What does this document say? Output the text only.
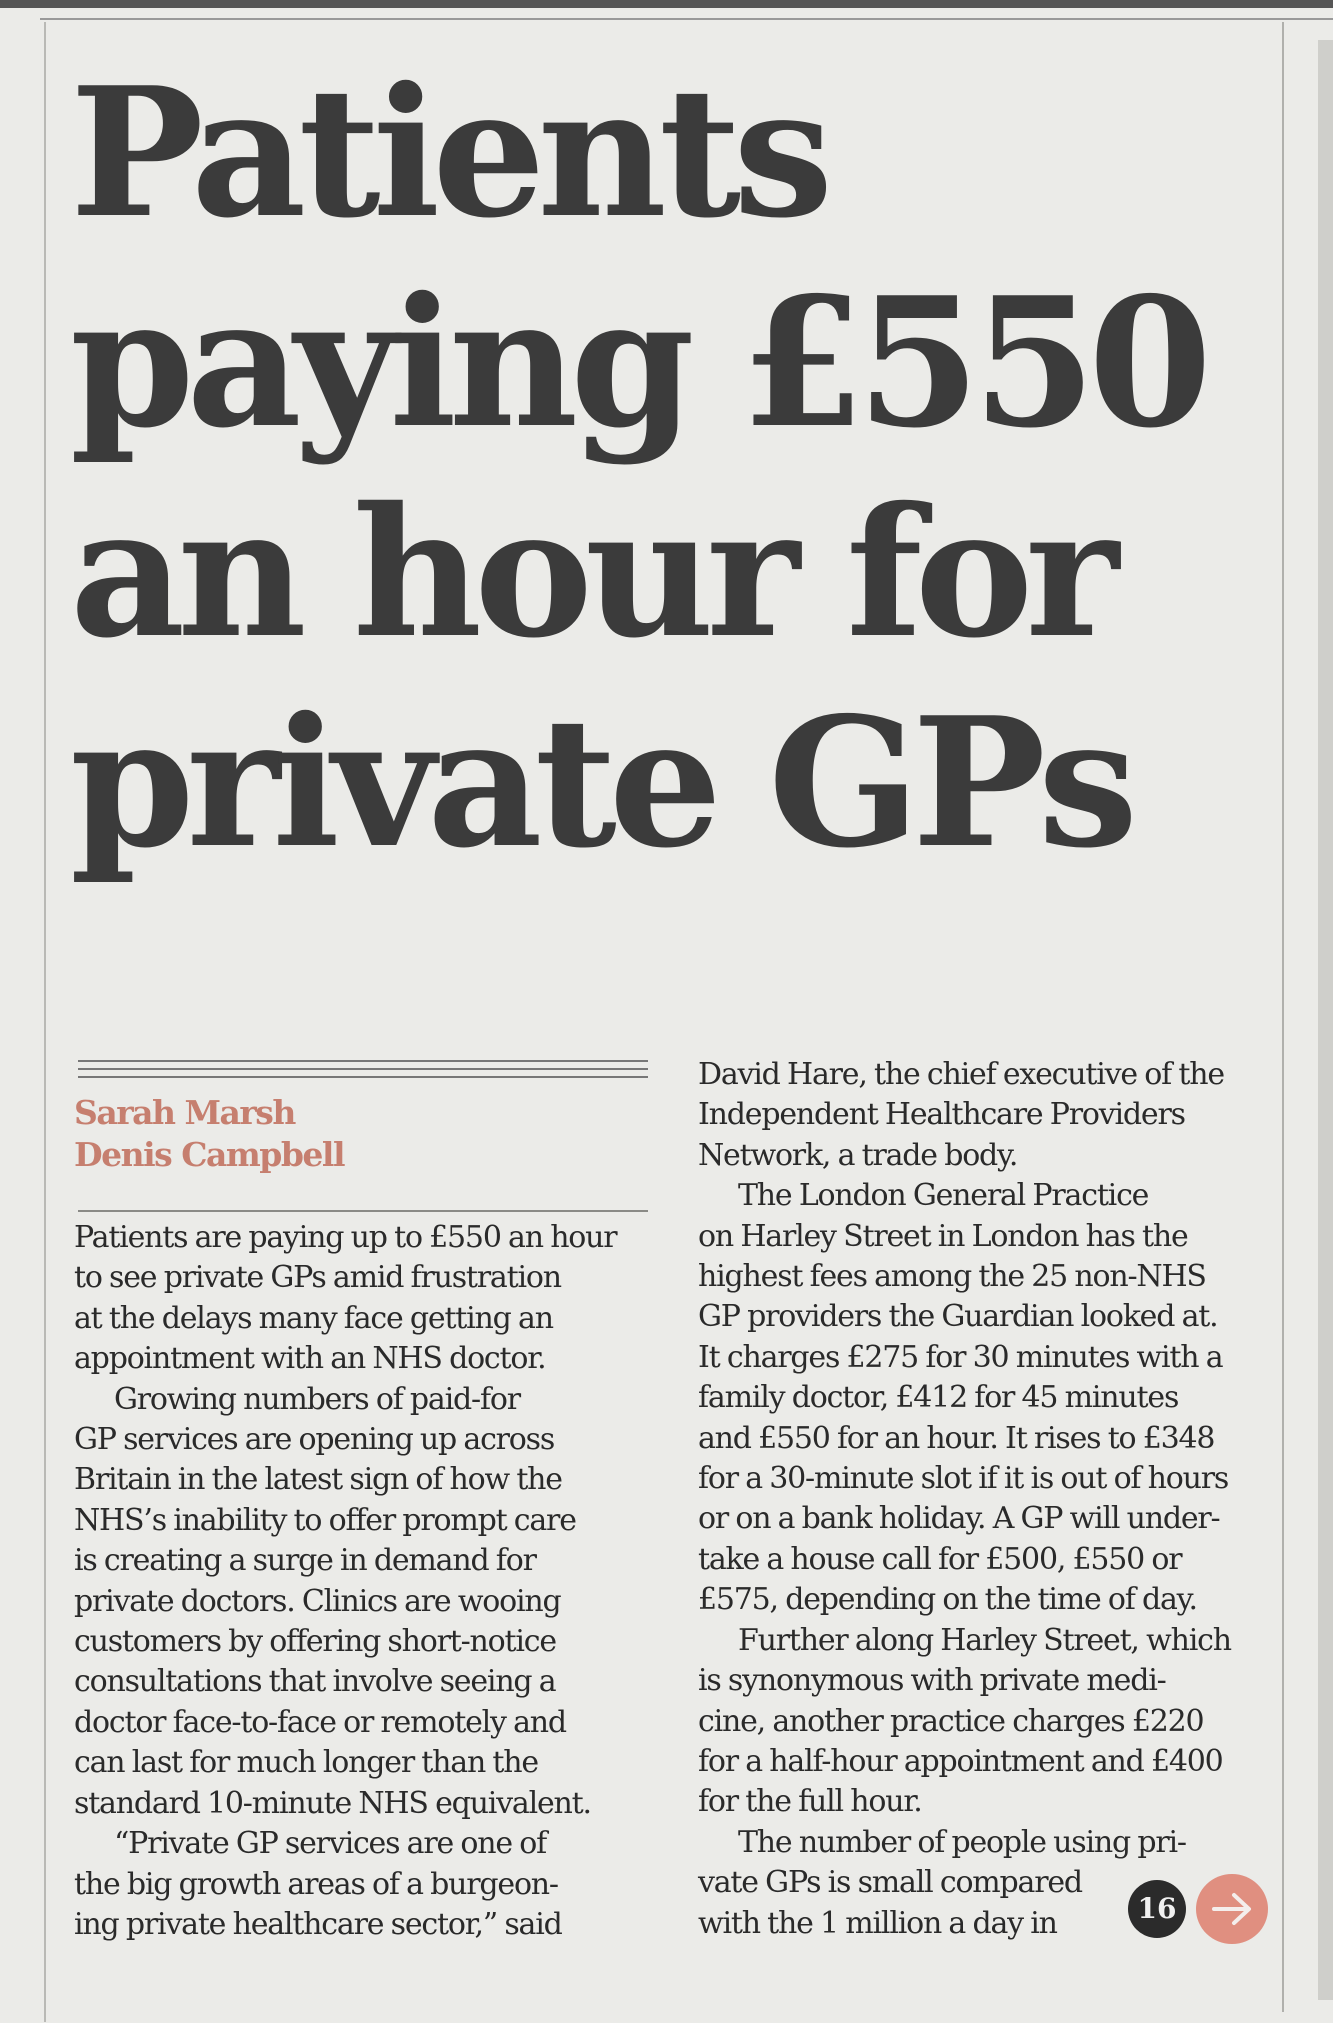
Patients
paying £550
an hour for
private GPs
Sarah Marsh
Denis Campbell
Patients are paying up to £550 an hour
to see private GPs amid frustration
at the delays many face getting an
appointment with an NHS doctor.
Growing numbers of paid-for
GP services are opening up across
Britain in the latest sign of how the
NHS’s inability to offer prompt care
is creating a surge in demand for
private doctors. Clinics are wooing
customers by offering short-notice
consultations that involve seeing a
doctor face-to-face or remotely and
can last for much longer than the
standard 10-minute NHS equivalent.
“Private GP services are one of
the big growth areas of a burgeon-
ing private healthcare sector,” said
David Hare, the chief executive of the
Independent Healthcare Providers
Network, a trade body.
The London General Practice
on Harley Street in London has the
highest fees among the 25 non-NHS
GP providers the Guardian looked at.
It charges £275 for 30 minutes with a
family doctor, £412 for 45 minutes
and £550 for an hour. It rises to £348
for a 30-minute slot if it is out of hours
or on a bank holiday. A GP will under-
take a house call for £500, £550 or
£575, depending on the time of day.
Further along Harley Street, which
is synonymous with private medi-
cine, another practice charges £220
for a half-hour appointment and £400
for the full hour.
The number of people using pri-
vate GPs is small compared
with the 1 million a day in	16
